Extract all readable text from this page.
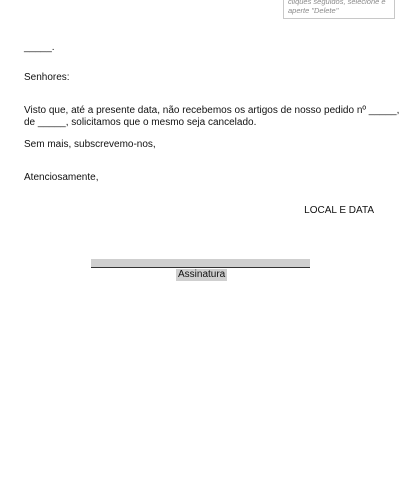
cliques seguidos, selecione e
aperte "Delete"
_____.
Senhores:
Visto que, até a presente data, não recebemos os artigos de nosso pedido nº _____,
de _____, solicitamos que o mesmo seja cancelado.
Sem mais, subscrevemo-nos,
Atenciosamente,
LOCAL E DATA
Assinatura
